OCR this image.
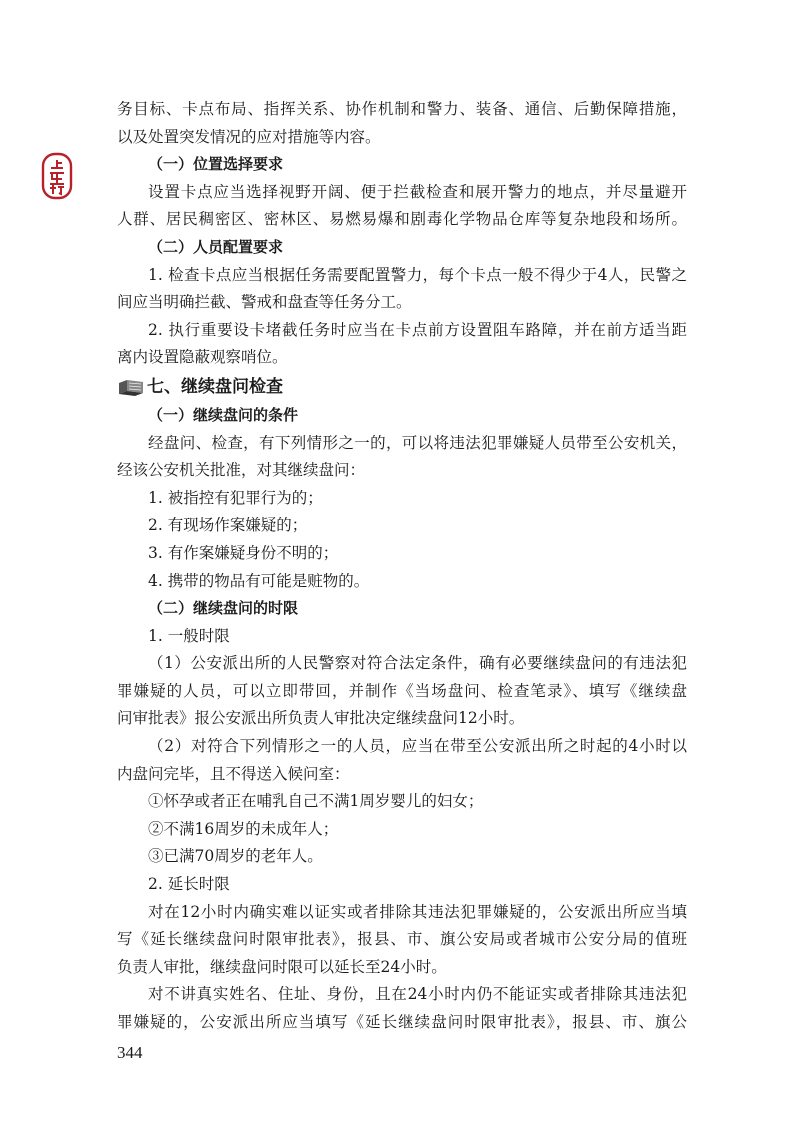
务目标、卡点布局、指挥关系、协作机制和警力、装备、通信、后勤保障措施，
以及处置突发情况的应对措施等内容。
（一）位置选择要求
设置卡点应当选择视野开阔、便于拦截检查和展开警力的地点，并尽量避开
人群、居民稠密区、密林区、易燃易爆和剧毒化学物品仓库等复杂地段和场所。
（二）人员配置要求
1. 检查卡点应当根据任务需要配置警力，每个卡点一般不得少于4人，民警之
间应当明确拦截、警戒和盘查等任务分工。
2. 执行重要设卡堵截任务时应当在卡点前方设置阻车路障，并在前方适当距
离内设置隐蔽观察哨位。
七、继续盘问检查
（一）继续盘问的条件
经盘问、检查，有下列情形之一的，可以将违法犯罪嫌疑人员带至公安机关，
经该公安机关批准，对其继续盘问：
1. 被指控有犯罪行为的；
2. 有现场作案嫌疑的；
3. 有作案嫌疑身份不明的；
4. 携带的物品有可能是赃物的。
（二）继续盘问的时限
1. 一般时限
（1）公安派出所的人民警察对符合法定条件，确有必要继续盘问的有违法犯
罪嫌疑的人员，可以立即带回，并制作《当场盘问、检查笔录》、填写《继续盘
问审批表》报公安派出所负责人审批决定继续盘问12小时。
（2）对符合下列情形之一的人员，应当在带至公安派出所之时起的4小时以
内盘问完毕，且不得送入候问室：
①怀孕或者正在哺乳自己不满1周岁婴儿的妇女；
②不满16周岁的未成年人；
③已满70周岁的老年人。
2. 延长时限
对在12小时内确实难以证实或者排除其违法犯罪嫌疑的，公安派出所应当填
写《延长继续盘问时限审批表》，报县、市、旗公安局或者城市公安分局的值班
负责人审批，继续盘问时限可以延长至24小时。
对不讲真实姓名、住址、身份，且在24小时内仍不能证实或者排除其违法犯
罪嫌疑的，公安派出所应当填写《延长继续盘问时限审批表》，报县、市、旗公
344
